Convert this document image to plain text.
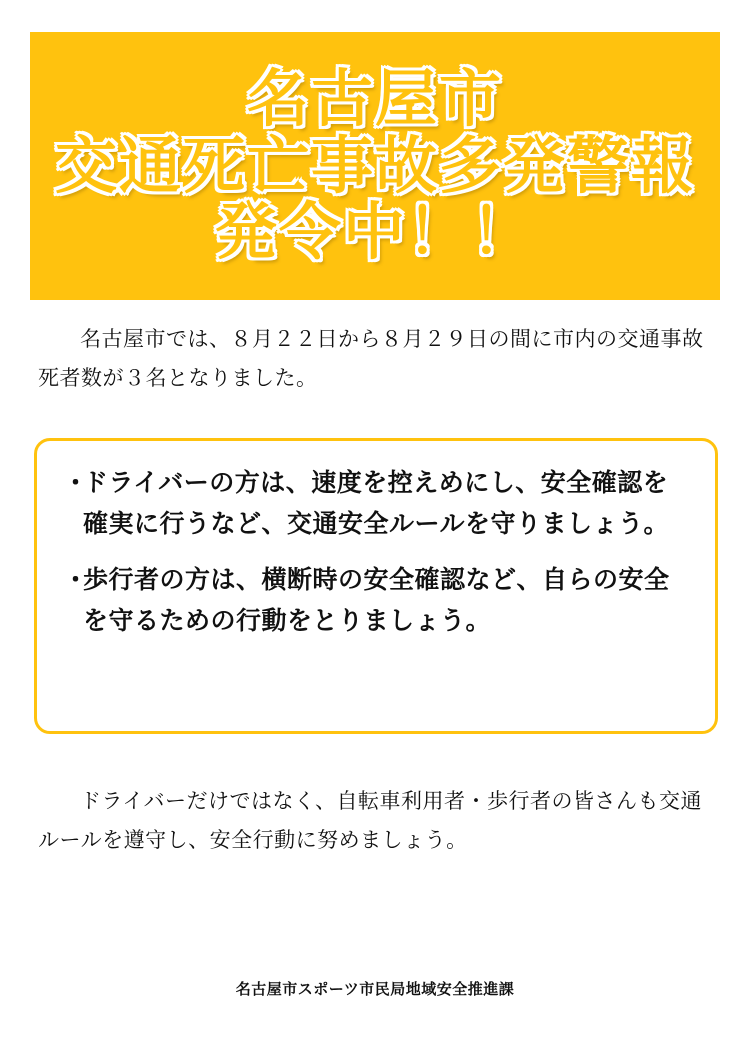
名古屋市
交通死亡事故多発警報
発令中！！

名古屋市では、８月２２日から８月２９日の間に市内の交通事故死者数が３名となりました。

・
ドライバーの方は、速度を控えめにし、安全確認を確実に行うなど、交通安全ルールを守りましょう。
・
歩行者の方は、横断時の安全確認など、自らの安全を守るための行動をとりましょう。

ドライバーだけではなく、自転車利用者・歩行者の皆さんも交通ルールを遵守し、安全行動に努めましょう。

名古屋市スポーツ市民局地域安全推進課
